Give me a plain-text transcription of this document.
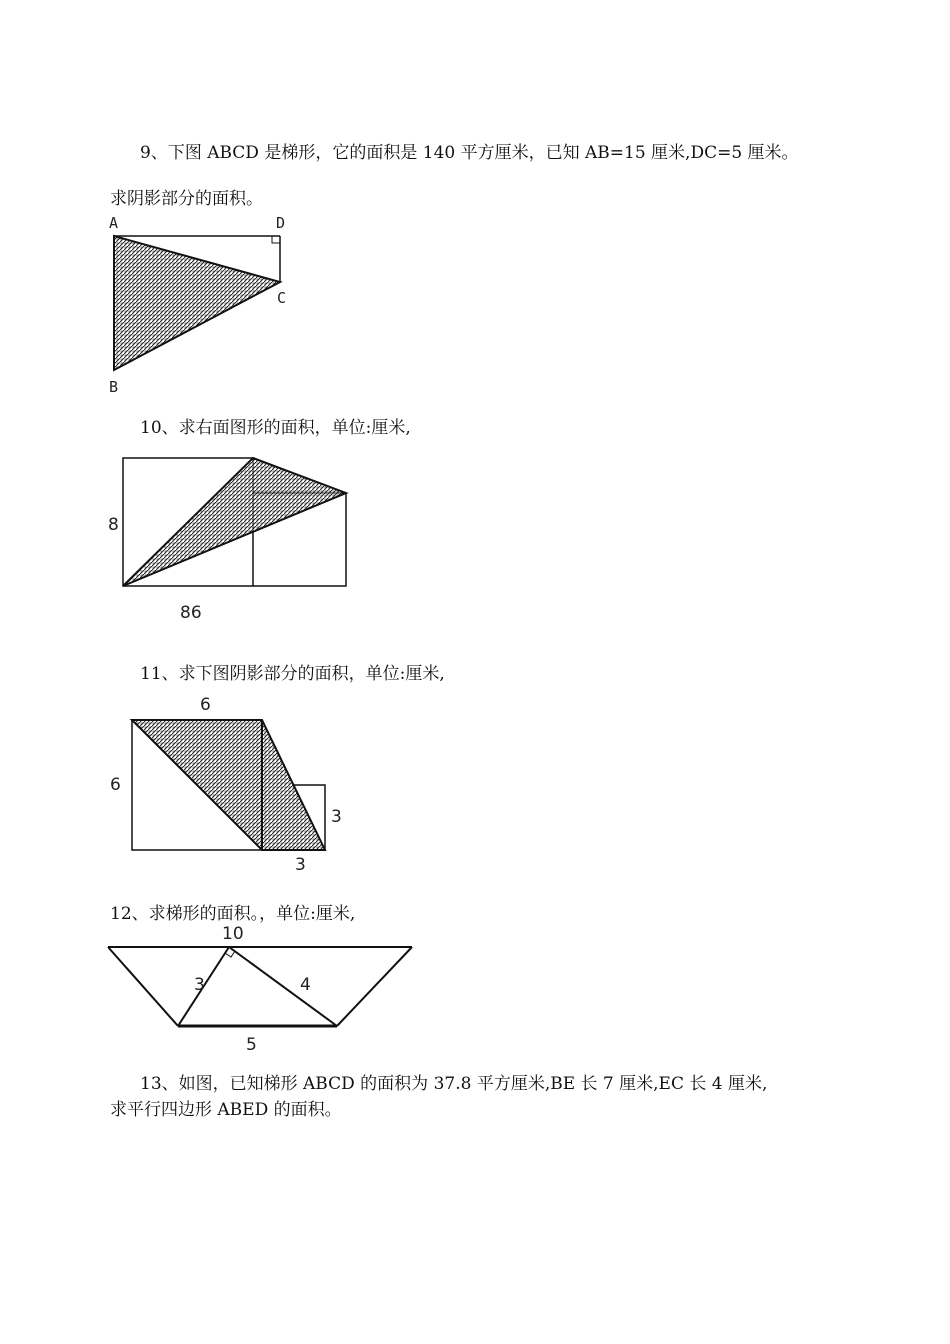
9、下图 ABCD 是梯形，它的面积是 140 平方厘米，已知 AB=15 厘米,DC=5 厘米。
求阴影部分的面积。
A	D
C
B
10、求右面图形的面积，单位:厘米,
8
86
11、求下图阴影部分的面积，单位:厘米,
6
6
3
3
12、求梯形的面积。，单位:厘米,
10
3	4
5
13、如图，已知梯形 ABCD 的面积为 37.8 平方厘米,BE 长 7 厘米,EC 长 4 厘米,
求平行四边形 ABED 的面积。
